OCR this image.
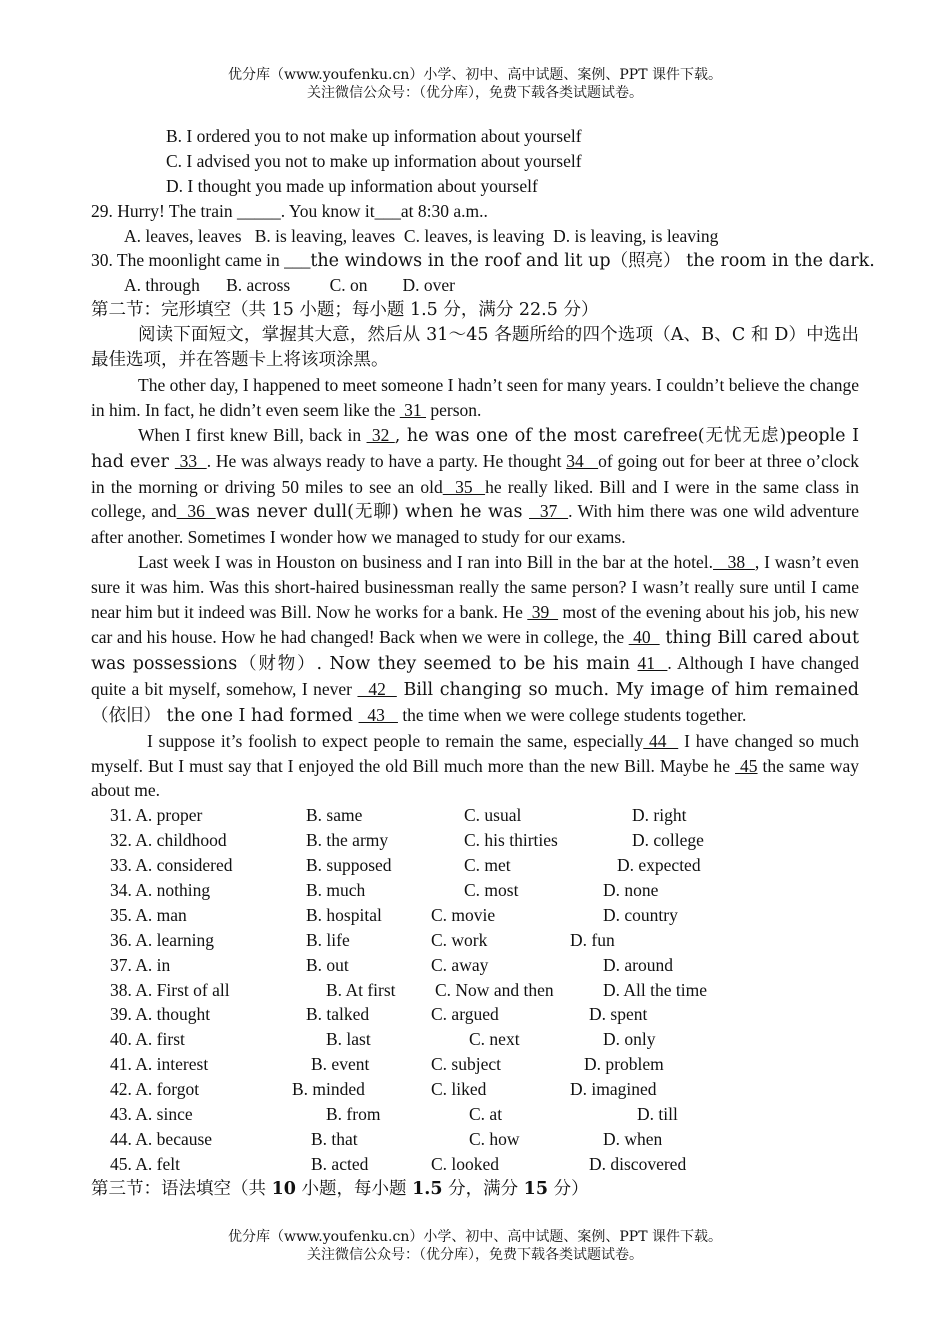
优分库（www.youfenku.cn）小学、初中、高中试题、案例、PPT 课件下载。
关注微信公众号：（优分库），免费下载各类试题试卷。
B. I ordered you to not make up information about yourself
C. I advised you not to make up information about yourself
D. I thought you made up information about yourself
29. Hurry! The train _____. You know it___at 8:30 a.m..
A. leaves, leaves   B. is leaving, leaves  C. leaves, is leaving  D. is leaving, is leaving
30. The moonlight came in ___the windows in the roof and lit up（照亮） the room in the dark.
A. through      B. across         C. on        D. over
第二节：完形填空（共 15 小题；每小题 1.5 分，满分 22.5 分）

阅读下面短文，掌握其大意，然后从 31～45 各题所给的四个选项（A、B、C 和 D）中选出最佳选项，并在答题卡上将该项涂黑。

The other day, I happened to meet someone I hadn’t seen for many years. I couldn’t believe the change in him. In fact, he didn’t even seem like the  31  person.

When I first knew Bill, back in  32 , he was one of the most carefree(无忧无虑)people I had ever  33  . He was always ready to have a party. He thought 34   of going out for beer at three o’clock in the morning or driving 50 miles to see an old  35  he really liked. Bill and I were in the same class in college, and  36  was never dull(无聊) when he was   37  . With him there was one wild adventure after another. Sometimes I wonder how we managed to study for our exams.

Last week I was in Houston on business and I ran into Bill in the bar at the hotel.   38  , I wasn’t even sure it was him. Was this short-haired businessman really the same person? I wasn’t really sure until I came near him but it indeed was Bill. Now he works for a bank. He  39   most of the evening about his job, his new car and his house. How he had changed! Back when we were in college, the  40   thing Bill cared about was possessions（财物）. Now they seemed to be his main 41  . Although I have changed quite a bit myself, somehow, I never   42   Bill changing so much. My image of him remained（依旧） the one I had formed   43    the time when we were college students together.

I suppose it’s foolish to expect people to remain the same, especially 44   I have changed so much myself. But I must say that I enjoyed the old Bill much more than the new Bill. Maybe he  45 the same way about me.

31. A. proper	B. same	C. usual	D. right
32. A. childhood	B. the army	C. his thirties	D. college
33. A. considered	B. supposed	C. met	D. expected
34. A. nothing	B. much	C. most	D. none
35. A. man	B. hospital	C. movie	D. country
36. A. learning	B. life	C. work	D. fun
37. A. in	B. out	C. away	D. around
38. A. First of all	B. At first C. Now and then	D. All the time
39. A. thought	B. talked	C. argued	D. spent
40. A. first	B. last	C. next	D. only
41. A. interest	B. event	C. subject	D. problem
42. A. forgot	B. minded	C. liked	D. imagined
43. A. since	B. from	C. at	D. till
44. A. because	B. that	C. how	D. when
45. A. felt	B. acted	C. looked	D. discovered
第三节：语法填空（共 10 小题，每小题 1.5 分，满分 15 分）
优分库（www.youfenku.cn）小学、初中、高中试题、案例、PPT 课件下载。
关注微信公众号：（优分库），免费下载各类试题试卷。
